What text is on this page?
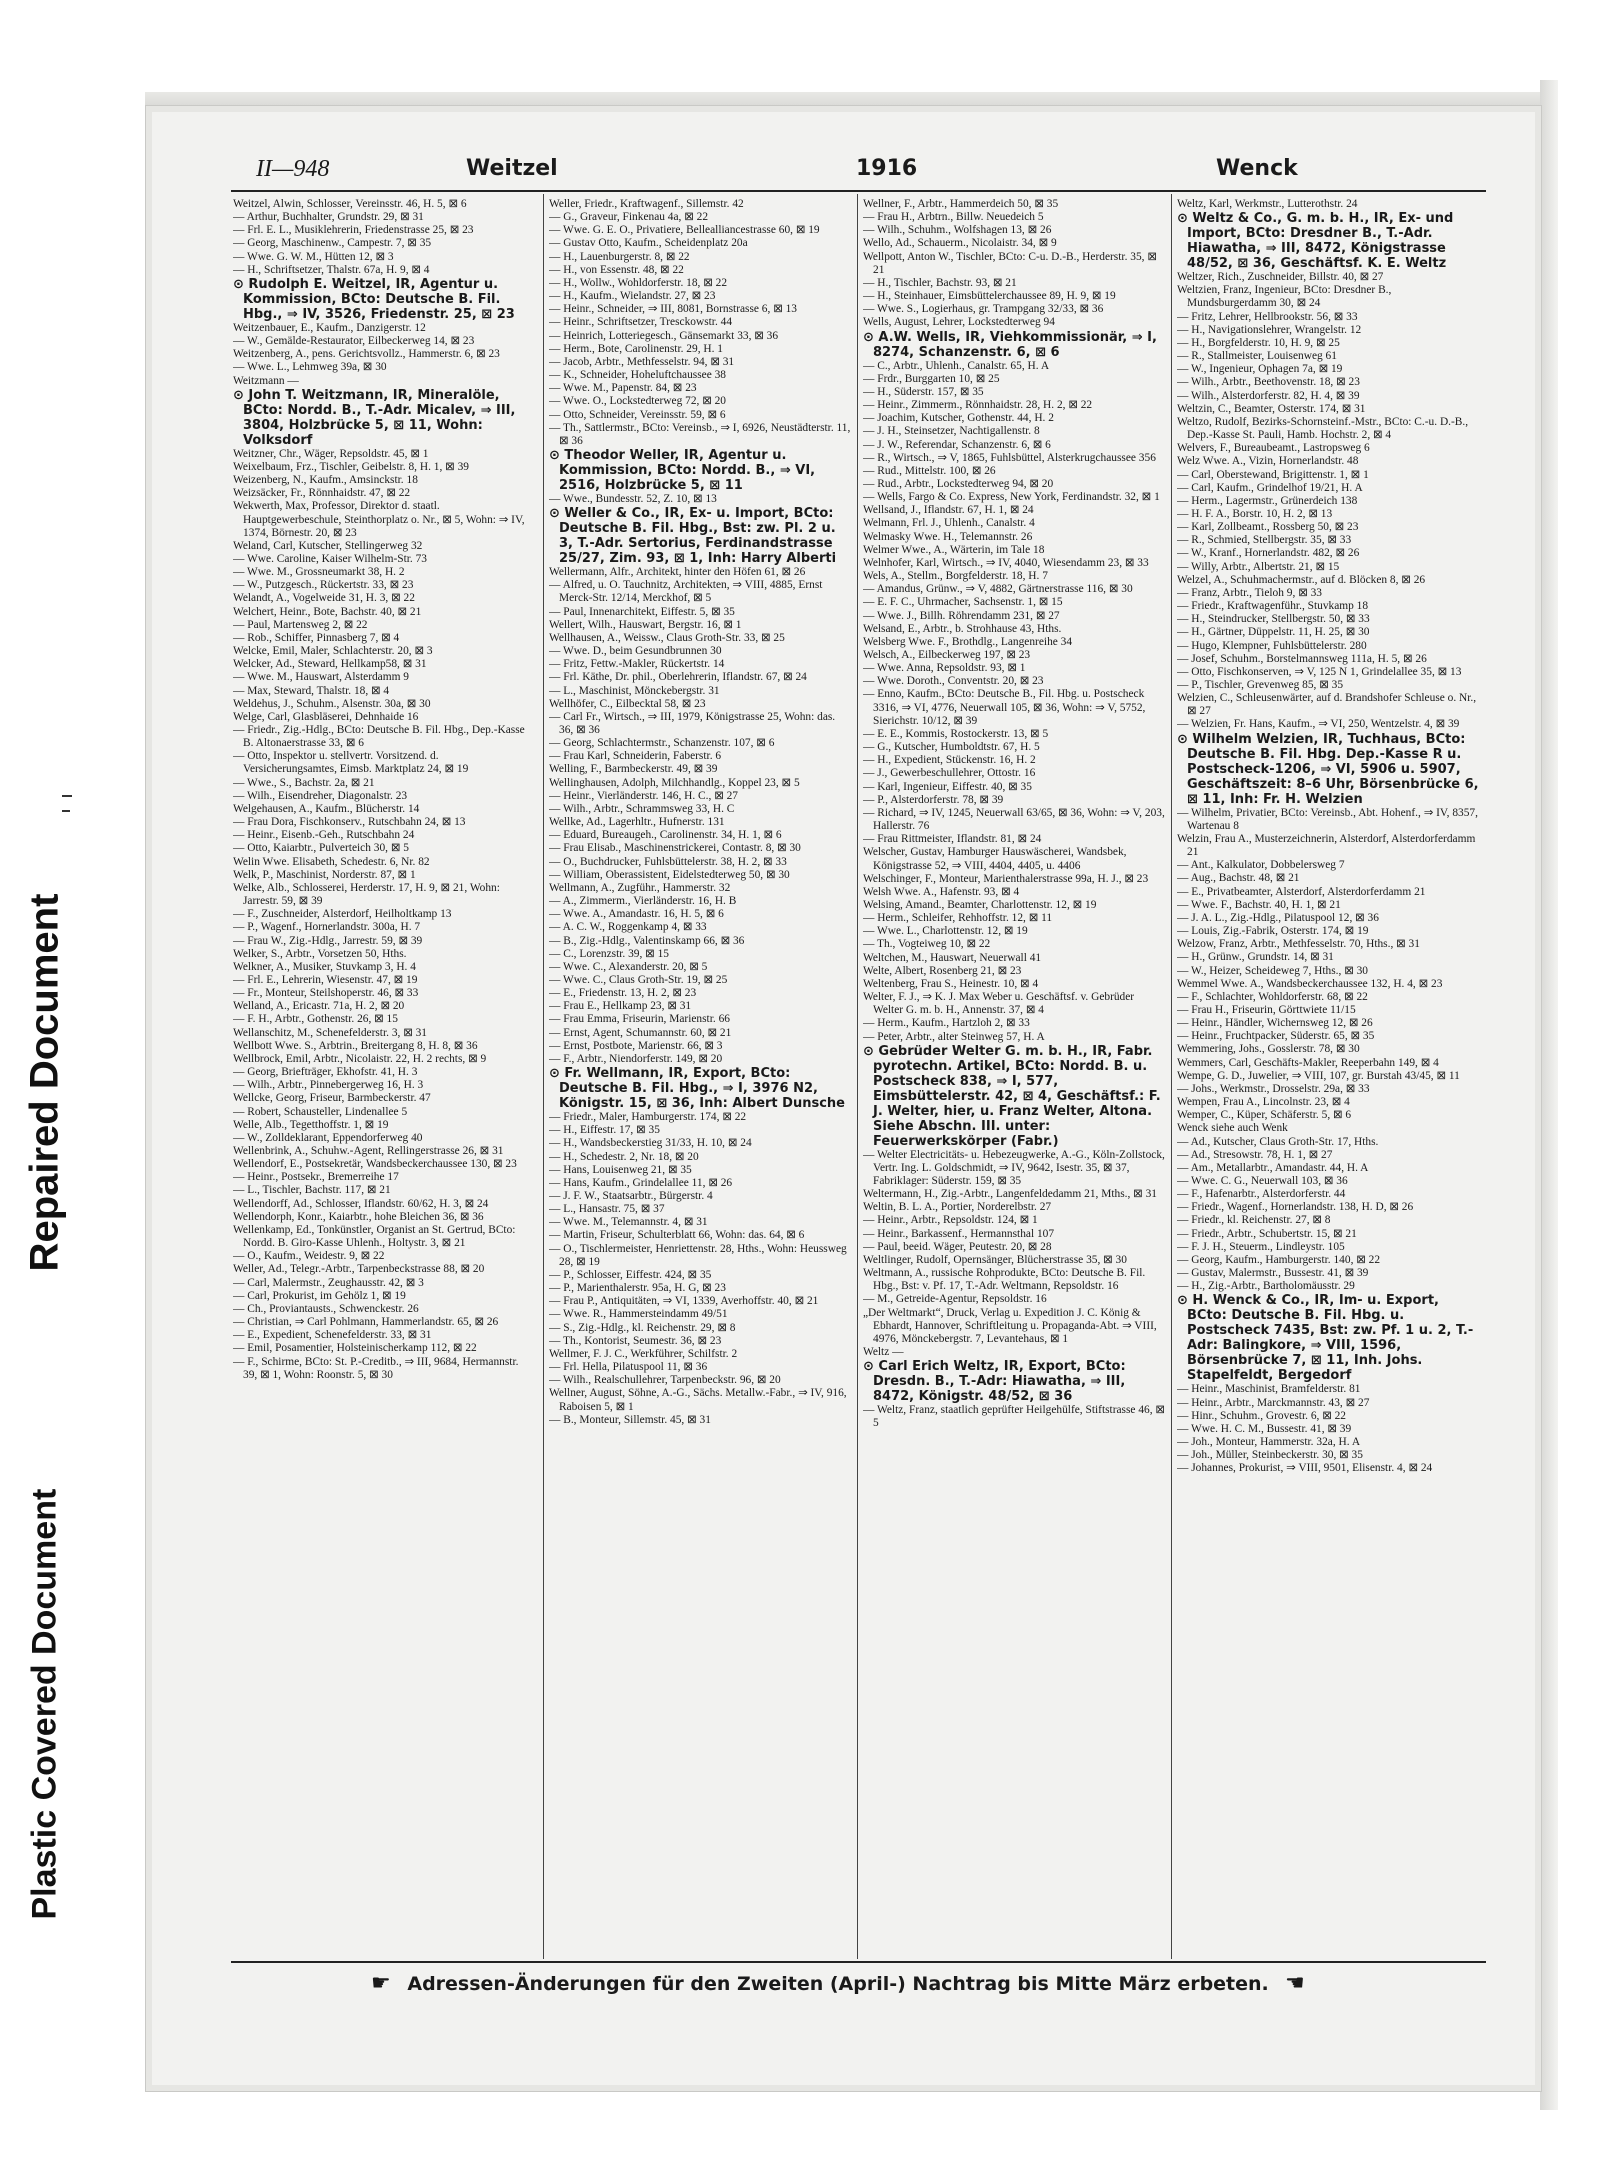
Repaired Document
Plastic Covered Document
II—948	Weitzel	1916	Wenck

Weitzel, Alwin, Schlosser, Vereinsstr. 46, H. 5, ⊠ 6

— Arthur, Buchhalter, Grundstr. 29, ⊠ 31

— Frl. E. L., Musiklehrerin, Friedenstrasse 25, ⊠ 23

— Georg, Maschinenw., Campestr. 7, ⊠ 35

— Wwe. G. W. M., Hütten 12, ⊠ 3

— H., Schriftsetzer, Thalstr. 67a, H. 9, ⊠ 4

⊙ Rudolph E. Weitzel, IR, Agentur u. Kommission, BCto: Deutsche B. Fil. Hbg., ⇒ IV, 3526, Friedenstr. 25, ⊠ 23

Weitzenbauer, E., Kaufm., Danzigerstr. 12

— W., Gemälde-Restaurator, Eilbeckerweg 14, ⊠ 23

Weitzenberg, A., pens. Gerichtsvollz., Hammerstr. 6, ⊠ 23

— Wwe. L., Lehmweg 39a, ⊠ 30

Weitzmann —

⊙ John T. Weitzmann, IR, Mineralöle, BCto: Nordd. B., T.-Adr. Micalev, ⇒ III, 3804, Holzbrücke 5, ⊠ 11, Wohn: Volksdorf

Weitzner, Chr., Wäger, Repsoldstr. 45, ⊠ 1

Weixelbaum, Frz., Tischler, Geibelstr. 8, H. 1, ⊠ 39

Weizenberg, N., Kaufm., Amsinckstr. 18

Weizsäcker, Fr., Rönnhaidstr. 47, ⊠ 22

Wekwerth, Max, Professor, Direktor d. staatl. Hauptgewerbeschule, Steinthorplatz o. Nr., ⊠ 5, Wohn: ⇒ IV, 1374, Börnestr. 20, ⊠ 23

Weland, Carl, Kutscher, Stellingerweg 32

— Wwe. Caroline, Kaiser Wilhelm-Str. 73

— Wwe. M., Grossneumarkt 38, H. 2

— W., Putzgesch., Rückertstr. 33, ⊠ 23

Welandt, A., Vogelweide 31, H. 3, ⊠ 22

Welchert, Heinr., Bote, Bachstr. 40, ⊠ 21

— Paul, Martensweg 2, ⊠ 22

— Rob., Schiffer, Pinnasberg 7, ⊠ 4

Welcke, Emil, Maler, Schlachterstr. 20, ⊠ 3

Welcker, Ad., Steward, Hellkamp58, ⊠ 31

— Wwe. M., Hauswart, Alsterdamm 9

— Max, Steward, Thalstr. 18, ⊠ 4

Weldehus, J., Schuhm., Alsenstr. 30a, ⊠ 30

Welge, Carl, Glasbläserei, Dehnhaide 16

— Friedr., Zig.-Hdlg., BCto: Deutsche B. Fil. Hbg., Dep.-Kasse B. Altonaerstrasse 33, ⊠ 6

— Otto, Inspektor u. stellvertr. Vorsitzend. d. Versicherungsamtes, Eimsb. Marktplatz 24, ⊠ 19

— Wwe., S., Bachstr. 2a, ⊠ 21

— Wilh., Eisendreher, Diagonalstr. 23

Welgehausen, A., Kaufm., Blücherstr. 14

— Frau Dora, Fischkonserv., Rutschbahn 24, ⊠ 13

— Heinr., Eisenb.-Geh., Rutschbahn 24

— Otto, Kaiarbtr., Pulverteich 30, ⊠ 5

Welin Wwe. Elisabeth, Schedestr. 6, Nr. 82

Welk, P., Maschinist, Norderstr. 87, ⊠ 1

Welke, Alb., Schlosserei, Herderstr. 17, H. 9, ⊠ 21, Wohn: Jarrestr. 59, ⊠ 39

— F., Zuschneider, Alsterdorf, Heilholtkamp 13

— P., Wagenf., Hornerlandstr. 300a, H. 7

— Frau W., Zig.-Hdlg., Jarrestr. 59, ⊠ 39

Welker, S., Arbtr., Vorsetzen 50, Hths.

Welkner, A., Musiker, Stuvkamp 3, H. 4

— Frl. E., Lehrerin, Wiesenstr. 47, ⊠ 19

— Fr., Monteur, Steilshoperstr. 46, ⊠ 33

Welland, A., Ericastr. 71a, H. 2, ⊠ 20

— F. H., Arbtr., Gothenstr. 26, ⊠ 15

Wellanschitz, M., Schenefelderstr. 3, ⊠ 31

Wellbott Wwe. S., Arbtrin., Breitergang 8, H. 8, ⊠ 36

Wellbrock, Emil, Arbtr., Nicolaistr. 22, H. 2 rechts, ⊠ 9

— Georg, Briefträger, Ekhofstr. 41, H. 3

— Wilh., Arbtr., Pinnebergerweg 16, H. 3

Wellcke, Georg, Friseur, Barmbeckerstr. 47

— Robert, Schausteller, Lindenallee 5

Welle, Alb., Tegetthoffstr. 1, ⊠ 19

— W., Zolldeklarant, Eppendorferweg 40

Wellenbrink, A., Schuhw.-Agent, Rellingerstrasse 26, ⊠ 31

Wellendorf, E., Postsekretär, Wandsbeckerchaussee 130, ⊠ 23

— Heinr., Postsekr., Bremerreihe 17

— L., Tischler, Bachstr. 117, ⊠ 21

Wellendorff, Ad., Schlosser, Iflandstr. 60/62, H. 3, ⊠ 24

Wellendorph, Konr., Kaiarbtr., hohe Bleichen 36, ⊠ 36

Wellenkamp, Ed., Tonkünstler, Organist an St. Gertrud, BCto: Nordd. B. Giro-Kasse Uhlenh., Holtystr. 3, ⊠ 21

— O., Kaufm., Weidestr. 9, ⊠ 22

Weller, Ad., Telegr.-Arbtr., Tarpenbeckstrasse 88, ⊠ 20

— Carl, Malermstr., Zeughausstr. 42, ⊠ 3

— Carl, Prokurist, im Gehölz 1, ⊠ 19

— Ch., Proviantausts., Schwenckestr. 26

— Christian, ⇒ Carl Pohlmann, Hammerlandstr. 65, ⊠ 26

— E., Expedient, Schenefelderstr. 33, ⊠ 31

— Emil, Posamentier, Holsteinischerkamp 112, ⊠ 22

— F., Schirme, BCto: St. P.-Creditb., ⇒ III, 9684, Hermannstr. 39, ⊠ 1, Wohn: Roonstr. 5, ⊠ 30

Weller, Friedr., Kraftwagenf., Sillemstr. 42

— G., Graveur, Finkenau 4a, ⊠ 22

— Wwe. G. E. O., Privatiere, Bellealliancestrasse 60, ⊠ 19

— Gustav Otto, Kaufm., Scheidenplatz 20a

— H., Lauenburgerstr. 8, ⊠ 22

— H., von Essenstr. 48, ⊠ 22

— H., Wollw., Wohldorferstr. 18, ⊠ 22

— H., Kaufm., Wielandstr. 27, ⊠ 23

— Heinr., Schneider, ⇒ III, 8081, Bornstrasse 6, ⊠ 13

— Heinr., Schriftsetzer, Tresckowstr. 44

— Heinrich, Lotteriegesch., Gänsemarkt 33, ⊠ 36

— Herm., Bote, Carolinenstr. 29, H. 1

— Jacob, Arbtr., Methfesselstr. 94, ⊠ 31

— K., Schneider, Hoheluftchaussee 38

— Wwe. M., Papenstr. 84, ⊠ 23

— Wwe. O., Lockstedterweg 72, ⊠ 20

— Otto, Schneider, Vereinsstr. 59, ⊠ 6

— Th., Sattlermstr., BCto: Vereinsb., ⇒ I, 6926, Neustädterstr. 11, ⊠ 36

⊙ Theodor Weller, IR, Agentur u. Kommission, BCto: Nordd. B., ⇒ VI, 2516, Holzbrücke 5, ⊠ 11

— Wwe., Bundesstr. 52, Z. 10, ⊠ 13

⊙ Weller & Co., IR, Ex- u. Import, BCto: Deutsche B. Fil. Hbg., Bst: zw. Pl. 2 u. 3, T.-Adr. Sertorius, Ferdinandstrasse 25/27, Zim. 93, ⊠ 1, Inh: Harry Alberti

Wellermann, Alfr., Architekt, hinter den Höfen 61, ⊠ 26

— Alfred, u. O. Tauchnitz, Architekten, ⇒ VIII, 4885, Ernst Merck-Str. 12/14, Merckhof, ⊠ 5

— Paul, Innenarchitekt, Eiffestr. 5, ⊠ 35

Wellert, Wilh., Hauswart, Bergstr. 16, ⊠ 1

Wellhausen, A., Weissw., Claus Groth-Str. 33, ⊠ 25

— Wwe. D., beim Gesundbrunnen 30

— Fritz, Fettw.-Makler, Rückertstr. 14

— Frl. Käthe, Dr. phil., Oberlehrerin, Iflandstr. 67, ⊠ 24

— L., Maschinist, Mönckebergstr. 31

Wellhöfer, C., Eilbecktal 58, ⊠ 23

— Carl Fr., Wirtsch., ⇒ III, 1979, Königstrasse 25, Wohn: das. 36, ⊠ 36

— Georg, Schlachtermstr., Schanzenstr. 107, ⊠ 6

— Frau Karl, Schneiderin, Faberstr. 6

Welling, F., Barmbeckerstr. 49, ⊠ 39

Wellinghausen, Adolph, Milchhandlg., Koppel 23, ⊠ 5

— Heinr., Vierländerstr. 146, H. C., ⊠ 27

— Wilh., Arbtr., Schrammsweg 33, H. C

Wellke, Ad., Lagerhltr., Hufnerstr. 131

— Eduard, Bureaugeh., Carolinenstr. 34, H. 1, ⊠ 6

— Frau Elisab., Maschinenstrickerei, Contastr. 8, ⊠ 30

— O., Buchdrucker, Fuhlsbüttelerstr. 38, H. 2, ⊠ 33

— William, Oberassistent, Eidelstedterweg 50, ⊠ 30

Wellmann, A., Zugführ., Hammerstr. 32

— A., Zimmerm., Vierländerstr. 16, H. B

— Wwe. A., Amandastr. 16, H. 5, ⊠ 6

— A. C. W., Roggenkamp 4, ⊠ 33

— B., Zig.-Hdlg., Valentinskamp 66, ⊠ 36

— C., Lorenzstr. 39, ⊠ 15

— Wwe. C., Alexanderstr. 20, ⊠ 5

— Wwe. C., Claus Groth-Str. 19, ⊠ 25

— E., Friedenstr. 13, H. 2, ⊠ 23

— Frau E., Hellkamp 23, ⊠ 31

— Frau Emma, Friseurin, Marienstr. 66

— Ernst, Agent, Schumannstr. 60, ⊠ 21

— Ernst, Postbote, Marienstr. 66, ⊠ 3

— F., Arbtr., Niendorferstr. 149, ⊠ 20

⊙ Fr. Wellmann, IR, Export, BCto: Deutsche B. Fil. Hbg., ⇒ I, 3976 N2, Königstr. 15, ⊠ 36, Inh: Albert Dunsche

— Friedr., Maler, Hamburgerstr. 174, ⊠ 22

— H., Eiffestr. 17, ⊠ 35

— H., Wandsbeckerstieg 31/33, H. 10, ⊠ 24

— H., Schedestr. 2, Nr. 18, ⊠ 20

— Hans, Louisenweg 21, ⊠ 35

— Hans, Kaufm., Grindelallee 11, ⊠ 26

— J. F. W., Staatsarbtr., Bürgerstr. 4

— L., Hansastr. 75, ⊠ 37

— Wwe. M., Telemannstr. 4, ⊠ 31

— Martin, Friseur, Schulterblatt 66, Wohn: das. 64, ⊠ 6

— O., Tischlermeister, Henriettenstr. 28, Hths., Wohn: Heussweg 28, ⊠ 19

— P., Schlosser, Eiffestr. 424, ⊠ 35

— P., Marienthalerstr. 95a, H. G, ⊠ 23

— Frau P., Antiquitäten, ⇒ VI, 1339, Averhoffstr. 40, ⊠ 21

— Wwe. R., Hammersteindamm 49/51

— S., Zig.-Hdlg., kl. Reichenstr. 29, ⊠ 8

— Th., Kontorist, Seumestr. 36, ⊠ 23

Wellmer, F. J. C., Werkführer, Schilfstr. 2

— Frl. Hella, Pilatuspool 11, ⊠ 36

— Wilh., Realschullehrer, Tarpenbeckstr. 96, ⊠ 20

Wellner, August, Söhne, A.-G., Sächs. Metallw.-Fabr., ⇒ IV, 916, Raboisen 5, ⊠ 1

— B., Monteur, Sillemstr. 45, ⊠ 31

Wellner, F., Arbtr., Hammerdeich 50, ⊠ 35

— Frau H., Arbtrn., Billw. Neuedeich 5

— Wilh., Schuhm., Wolfshagen 13, ⊠ 26

Wello, Ad., Schauerm., Nicolaistr. 34, ⊠ 9

Wellpott, Anton W., Tischler, BCto: C-u. D.-B., Herderstr. 35, ⊠ 21

— H., Tischler, Bachstr. 93, ⊠ 21

— H., Steinhauer, Eimsbüttelerchaussee 89, H. 9, ⊠ 19

— Wwe. S., Logierhaus, gr. Trampgang 32/33, ⊠ 36

Wells, August, Lehrer, Lockstedterweg 94

⊙ A.W. Wells, IR, Viehkommissionär, ⇒ I, 8274, Schanzenstr. 6, ⊠ 6

— C., Arbtr., Uhlenh., Canalstr. 65, H. A

— Frdr., Burggarten 10, ⊠ 25

— H., Süderstr. 157, ⊠ 35

— Heinr., Zimmerm., Rönnhaidstr. 28, H. 2, ⊠ 22

— Joachim, Kutscher, Gothenstr. 44, H. 2

— J. H., Steinsetzer, Nachtigallenstr. 8

— J. W., Referendar, Schanzenstr. 6, ⊠ 6

— R., Wirtsch., ⇒ V, 1865, Fuhlsbüttel, Alsterkrugchaussee 356

— Rud., Mittelstr. 100, ⊠ 26

— Rud., Arbtr., Lockstedterweg 94, ⊠ 20

— Wells, Fargo & Co. Express, New York, Ferdinandstr. 32, ⊠ 1

Wellsand, J., Iflandstr. 67, H. 1, ⊠ 24

Welmann, Frl. J., Uhlenh., Canalstr. 4

Welmasky Wwe. H., Telemannstr. 26

Welmer Wwe., A., Wärterin, im Tale 18

Welnhofer, Karl, Wirtsch., ⇒ IV, 4040, Wiesendamm 23, ⊠ 33

Wels, A., Stellm., Borgfelderstr. 18, H. 7

— Amandus, Grünw., ⇒ V, 4882, Gärtnerstrasse 116, ⊠ 30

— E. F. C., Uhrmacher, Sachsenstr. 1, ⊠ 15

— Wwe. J., Billh. Röhrendamm 231, ⊠ 27

Welsand, E., Arbtr., b. Strohhause 43, Hths.

Welsberg Wwe. F., Brothdlg., Langenreihe 34

Welsch, A., Eilbeckerweg 197, ⊠ 23

— Wwe. Anna, Repsoldstr. 93, ⊠ 1

— Wwe. Doroth., Conventstr. 20, ⊠ 23

— Enno, Kaufm., BCto: Deutsche B., Fil. Hbg. u. Postscheck 3316, ⇒ VI, 4776, Neuerwall 105, ⊠ 36, Wohn: ⇒ V, 5752, Sierichstr. 10/12, ⊠ 39

— E. E., Kommis, Rostockerstr. 13, ⊠ 5

— G., Kutscher, Humboldtstr. 67, H. 5

— H., Expedient, Stückenstr. 16, H. 2

— J., Gewerbeschullehrer, Ottostr. 16

— Karl, Ingenieur, Eiffestr. 40, ⊠ 35

— P., Alsterdorferstr. 78, ⊠ 39

— Richard, ⇒ IV, 1245, Neuerwall 63/65, ⊠ 36, Wohn: ⇒ V, 203, Hallerstr. 76

— Frau Rittmeister, Iflandstr. 81, ⊠ 24

Welscher, Gustav, Hamburger Hauswäscherei, Wandsbek, Königstrasse 52, ⇒ VIII, 4404, 4405, u. 4406

Welschinger, F., Monteur, Marienthalerstrasse 99a, H. J., ⊠ 23

Welsh Wwe. A., Hafenstr. 93, ⊠ 4

Welsing, Amand., Beamter, Charlottenstr. 12, ⊠ 19

— Herm., Schleifer, Rehhoffstr. 12, ⊠ 11

— Wwe. L., Charlottenstr. 12, ⊠ 19

— Th., Vogteiweg 10, ⊠ 22

Weltchen, M., Hauswart, Neuerwall 41

Welte, Albert, Rosenberg 21, ⊠ 23

Weltenberg, Frau S., Heinestr. 10, ⊠ 4

Welter, F. J., ⇒ K. J. Max Weber u. Geschäftsf. v. Gebrüder Welter G. m. b. H., Annenstr. 37, ⊠ 4

— Herm., Kaufm., Hartzloh 2, ⊠ 33

— Peter, Arbtr., alter Steinweg 57, H. A

⊙ Gebrüder Welter G. m. b. H., IR, Fabr. pyrotechn. Artikel, BCto: Nordd. B. u. Postscheck 838, ⇒ I, 577, Eimsbüttelerstr. 42, ⊠ 4, Geschäftsf.: F. J. Welter, hier, u. Franz Welter, Altona. Siehe Abschn. III. unter: Feuerwerkskörper (Fabr.)

— Welter Electricitäts- u. Hebezeugwerke, A.-G., Köln-Zollstock, Vertr. Ing. L. Goldschmidt, ⇒ IV, 9642, Isestr. 35, ⊠ 37, Fabriklager: Süderstr. 159, ⊠ 35

Weltermann, H., Zig.-Arbtr., Langenfeldedamm 21, Mths., ⊠ 31

Weltin, B. L. A., Portier, Norderelbstr. 27

— Heinr., Arbtr., Repsoldstr. 124, ⊠ 1

— Heinr., Barkassenf., Hermannsthal 107

— Paul, beeid. Wäger, Peutestr. 20, ⊠ 28

Weltlinger, Rudolf, Opernsänger, Blücherstrasse 35, ⊠ 30

Weltmann, A., russische Rohprodukte, BCto: Deutsche B. Fil. Hbg., Bst: v. Pf. 17, T.-Adr. Weltmann, Repsoldstr. 16

— M., Getreide-Agentur, Repsoldstr. 16

„Der Weltmarkt“, Druck, Verlag u. Expedition J. C. König & Ebhardt, Hannover, Schriftleitung u. Propaganda-Abt. ⇒ VIII, 4976, Mönckebergstr. 7, Levantehaus, ⊠ 1

Weltz —

⊙ Carl Erich Weltz, IR, Export, BCto: Dresdn. B., T.-Adr: Hiawatha, ⇒ III, 8472, Königstr. 48/52, ⊠ 36

— Weltz, Franz, staatlich geprüfter Heilgehülfe, Stiftstrasse 46, ⊠ 5

Weltz, Karl, Werkmstr., Lutterothstr. 24

⊙ Weltz & Co., G. m. b. H., IR, Ex- und Import, BCto: Dresdner B., T.-Adr. Hiawatha, ⇒ III, 8472, Königstrasse 48/52, ⊠ 36, Geschäftsf. K. E. Weltz

Weltzer, Rich., Zuschneider, Billstr. 40, ⊠ 27

Weltzien, Franz, Ingenieur, BCto: Dresdner B., Mundsburgerdamm 30, ⊠ 24

— Fritz, Lehrer, Hellbrookstr. 56, ⊠ 33

— H., Navigationslehrer, Wrangelstr. 12

— H., Borgfelderstr. 10, H. 9, ⊠ 25

— R., Stallmeister, Louisenweg 61

— W., Ingenieur, Ophagen 7a, ⊠ 19

— Wilh., Arbtr., Beethovenstr. 18, ⊠ 23

— Wilh., Alsterdorferstr. 82, H. 4, ⊠ 39

Weltzin, C., Beamter, Osterstr. 174, ⊠ 31

Weltzo, Rudolf, Bezirks-Schornsteinf.-Mstr., BCto: C.-u. D.-B., Dep.-Kasse St. Pauli, Hamb. Hochstr. 2, ⊠ 4

Welvers, F., Bureaubeamt., Lastropsweg 6

Welz Wwe. A., Vizin, Hornerlandstr. 48

— Carl, Oberstewand, Brigittenstr. 1, ⊠ 1

— Carl, Kaufm., Grindelhof 19/21, H. A

— Herm., Lagermstr., Grünerdeich 138

— H. F. A., Borstr. 10, H. 2, ⊠ 13

— Karl, Zollbeamt., Rossberg 50, ⊠ 23

— R., Schmied, Stellbergstr. 35, ⊠ 33

— W., Kranf., Hornerlandstr. 482, ⊠ 26

— Willy, Arbtr., Albertstr. 21, ⊠ 15

Welzel, A., Schuhmachermstr., auf d. Blöcken 8, ⊠ 26

— Franz, Arbtr., Tieloh 9, ⊠ 33

— Friedr., Kraftwagenführ., Stuvkamp 18

— H., Steindrucker, Stellbergstr. 50, ⊠ 33

— H., Gärtner, Düppelstr. 11, H. 25, ⊠ 30

— Hugo, Klempner, Fuhlsbüttelerstr. 280

— Josef, Schuhm., Borstelmannsweg 111a, H. 5, ⊠ 26

— Otto, Fischkonserven, ⇒ V, 125 N 1, Grindelallee 35, ⊠ 13

— P., Tischler, Grevenweg 85, ⊠ 35

Welzien, C., Schleusenwärter, auf d. Brandshofer Schleuse o. Nr., ⊠ 27

— Welzien, Fr. Hans, Kaufm., ⇒ VI, 250, Wentzelstr. 4, ⊠ 39

⊙ Wilhelm Welzien, IR, Tuchhaus, BCto: Deutsche B. Fil. Hbg. Dep.-Kasse R u. Postscheck-1206, ⇒ VI, 5906 u. 5907, Geschäftszeit: 8–6 Uhr, Börsenbrücke 6, ⊠ 11, Inh: Fr. H. Welzien

— Wilhelm, Privatier, BCto: Vereinsb., Abt. Hohenf., ⇒ IV, 8357, Wartenau 8

Welzin, Frau A., Musterzeichnerin, Alsterdorf, Alsterdorferdamm 21

— Ant., Kalkulator, Dobbelersweg 7

— Aug., Bachstr. 48, ⊠ 21

— E., Privatbeamter, Alsterdorf, Alsterdorferdamm 21

— Wwe. F., Bachstr. 40, H. 1, ⊠ 21

— J. A. L., Zig.-Hdlg., Pilatuspool 12, ⊠ 36

— Louis, Zig.-Fabrik, Osterstr. 174, ⊠ 19

Welzow, Franz, Arbtr., Methfesselstr. 70, Hths., ⊠ 31

— H., Grünw., Grundstr. 14, ⊠ 31

— W., Heizer, Scheideweg 7, Hths., ⊠ 30

Wemmel Wwe. A., Wandsbeckerchaussee 132, H. 4, ⊠ 23

— F., Schlachter, Wohldorferstr. 68, ⊠ 22

— Frau H., Friseurin, Görttwiete 11/15

— Heinr., Händler, Wichernsweg 12, ⊠ 26

— Heinr., Fruchtpacker, Süderstr. 65, ⊠ 35

Wemmering, Johs., Gosslerstr. 78, ⊠ 30

Wemmers, Carl, Geschäfts-Makler, Reeperbahn 149, ⊠ 4

Wempe, G. D., Juwelier, ⇒ VIII, 107, gr. Burstah 43/45, ⊠ 11

— Johs., Werkmstr., Drosselstr. 29a, ⊠ 33

Wempen, Frau A., Lincolnstr. 23, ⊠ 4

Wemper, C., Küper, Schäferstr. 5, ⊠ 6

Wenck siehe auch Wenk

— Ad., Kutscher, Claus Groth-Str. 17, Hths.

— Ad., Stresowstr. 78, H. 1, ⊠ 27

— Am., Metallarbtr., Amandastr. 44, H. A

— Wwe. C. G., Neuerwall 103, ⊠ 36

— F., Hafenarbtr., Alsterdorferstr. 44

— Friedr., Wagenf., Hornerlandstr. 138, H. D, ⊠ 26

— Friedr., kl. Reichenstr. 27, ⊠ 8

— Friedr., Arbtr., Schubertstr. 15, ⊠ 21

— F. J. H., Steuerm., Lindleystr. 105

— Georg, Kaufm., Hamburgerstr. 140, ⊠ 22

— Gustav, Malermstr., Bussestr. 41, ⊠ 39

— H., Zig.-Arbtr., Bartholomäusstr. 29

⊙ H. Wenck & Co., IR, Im- u. Export, BCto: Deutsche B. Fil. Hbg. u. Postscheck 7435, Bst: zw. Pf. 1 u. 2, T.-Adr: Balingkore, ⇒ VIII, 1596, Börsenbrücke 7, ⊠ 11, Inh. Johs. Stapelfeldt, Bergedorf

— Heinr., Maschinist, Bramfelderstr. 81

— Heinr., Arbtr., Marckmannstr. 43, ⊠ 27

— Hinr., Schuhm., Grovestr. 6, ⊠ 22

— Wwe. H. C. M., Bussestr. 41, ⊠ 39

— Joh., Monteur, Hammerstr. 32a, H. A

— Joh., Müller, Steinbeckerstr. 30, ⊠ 35

— Johannes, Prokurist, ⇒ VIII, 9501, Elisenstr. 4, ⊠ 24

☛ Adressen-Änderungen für den Zweiten (April-) Nachtrag bis Mitte März erbeten. ☛
